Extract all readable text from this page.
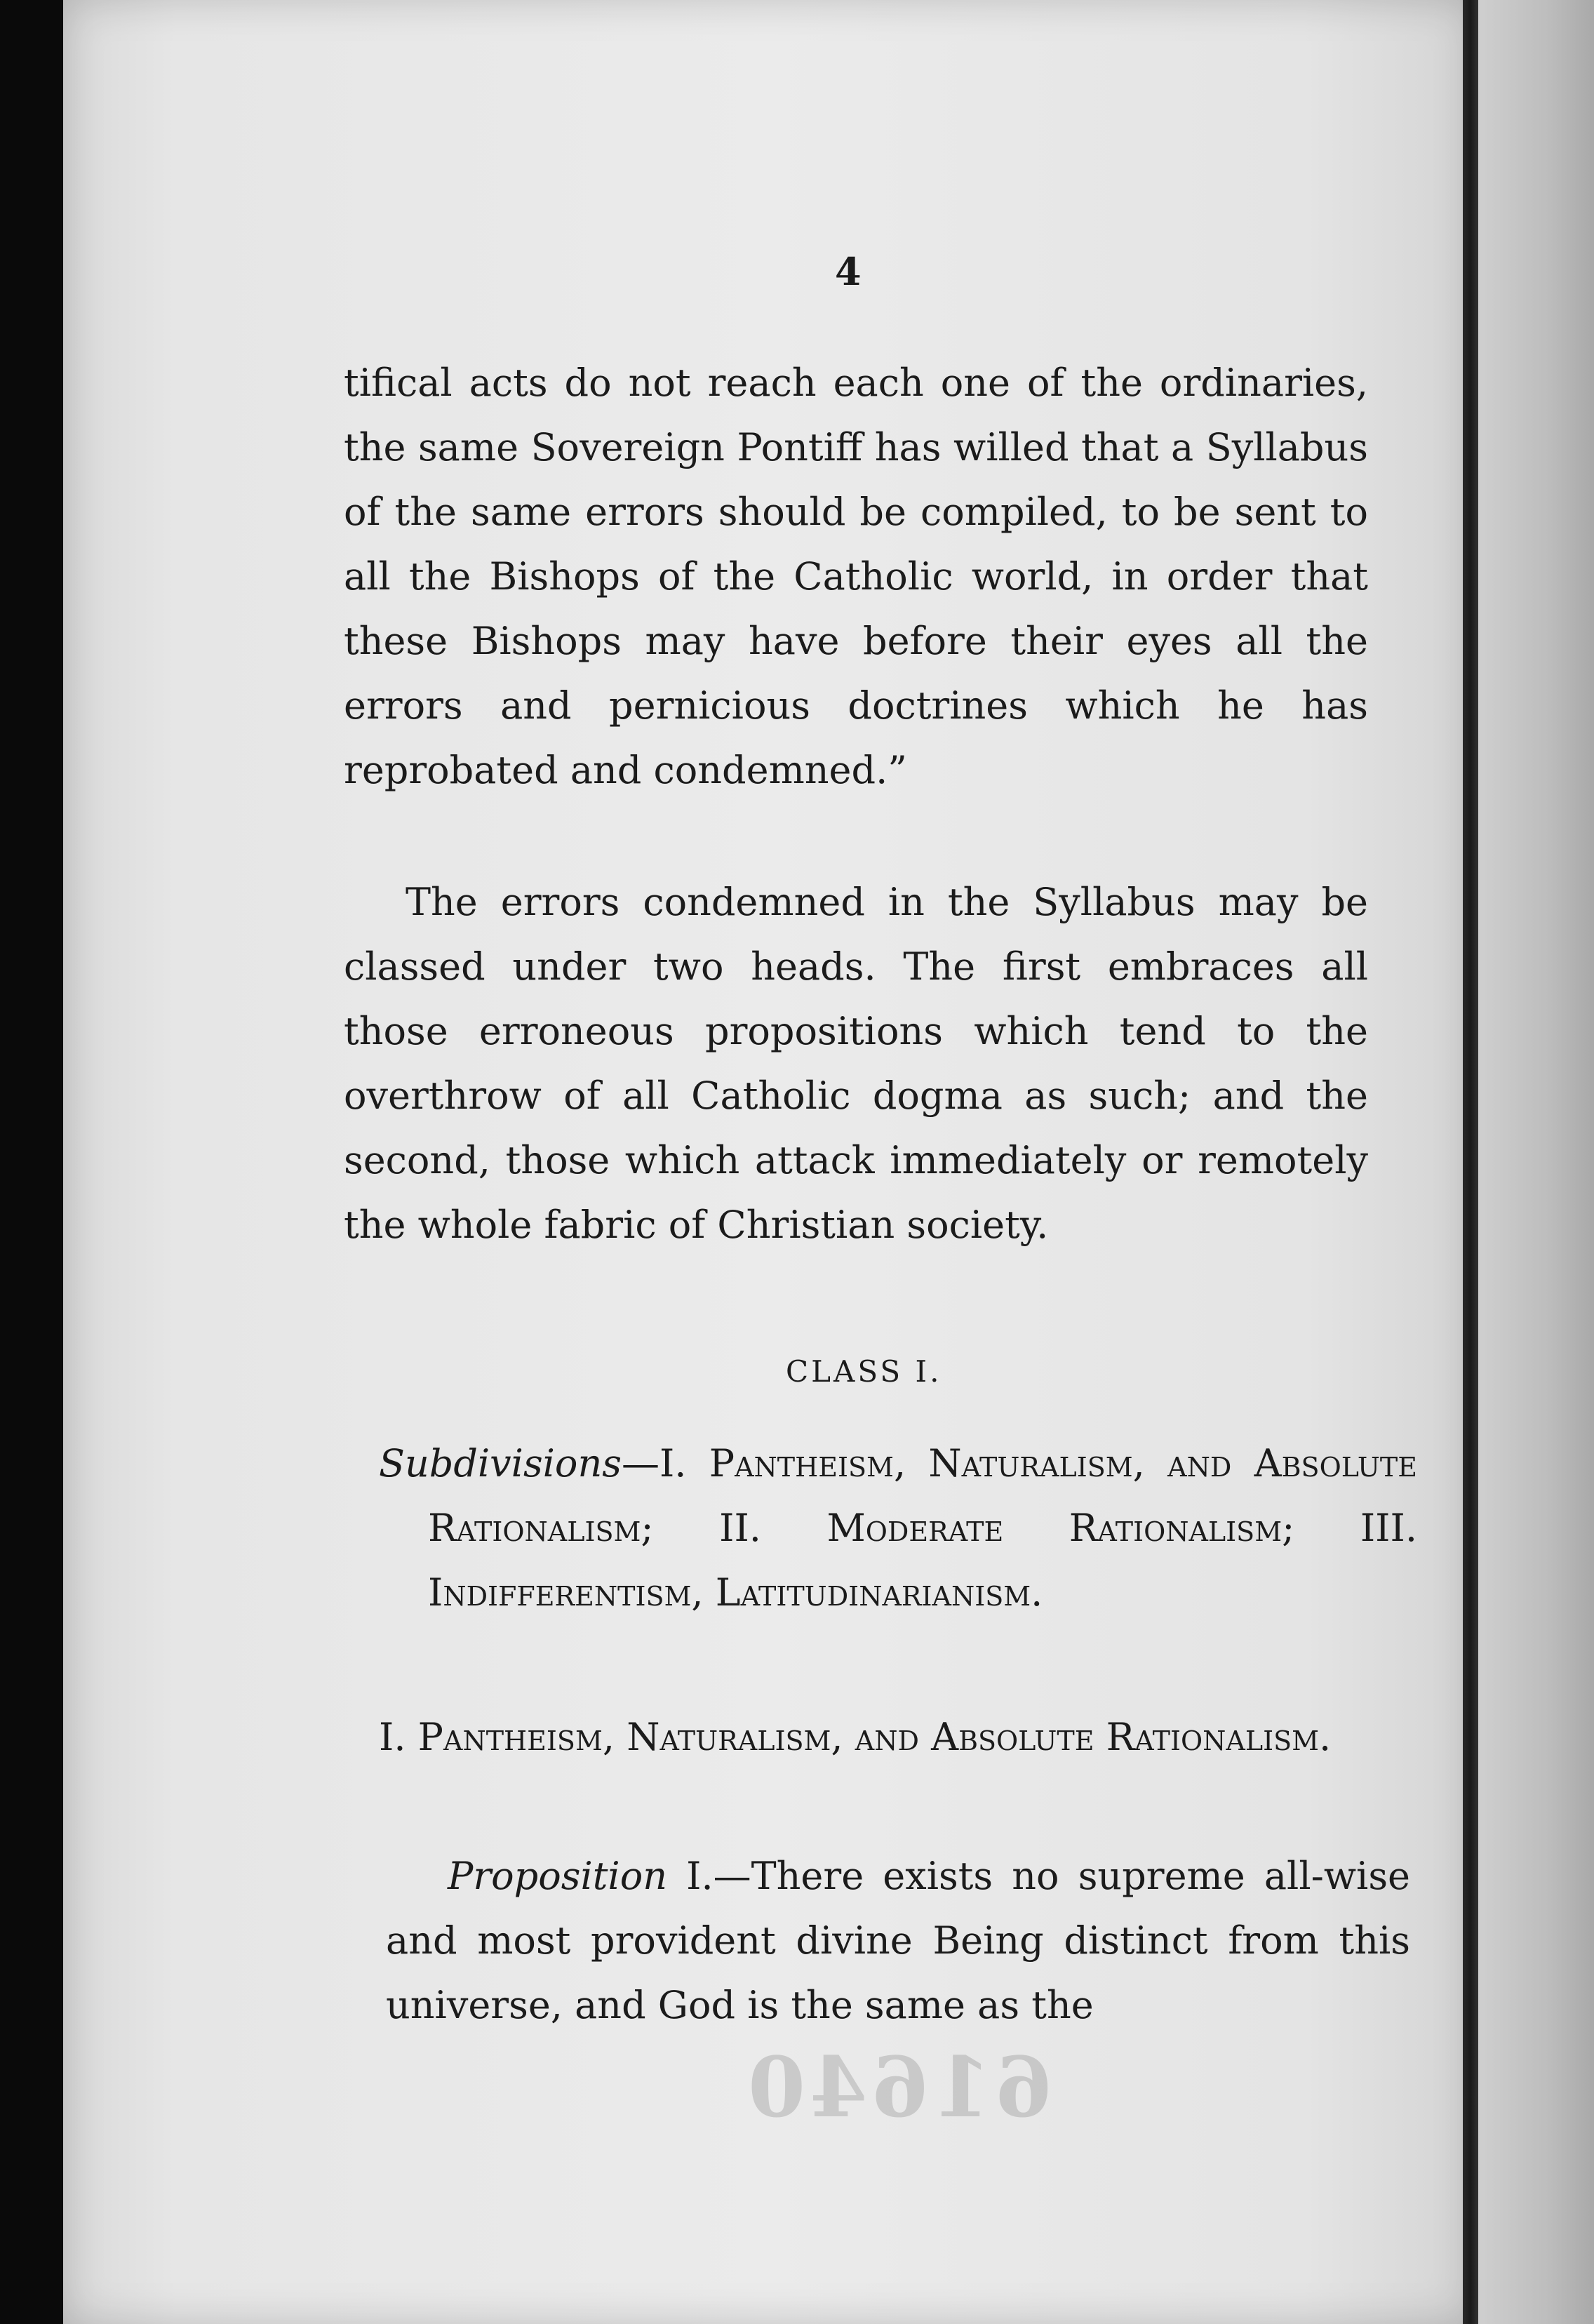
4

tifical acts do not reach each one of the ordinaries, the same Sovereign Pontiff has willed that a Syllabus of the same errors should be compiled, to be sent to all the Bishops of the Catholic world, in order that these Bishops may have before their eyes all the errors and pernicious doctrines which he has reprobated and condemned.”

The errors condemned in the Syllabus may be classed under two heads. The first embraces all those erroneous propositions which tend to the overthrow of all Catholic dogma as such; and the second, those which attack immediately or remotely the whole fabric of Christian society.

CLASS I.

Subdivisions—I. Pantheism, Naturalism, and Absolute Rationalism; II. Moderate Rationalism; III. Indifferentism, Latitudinarianism.

I. Pantheism, Naturalism, and Absolute Rationalism.

Proposition I.—There exists no supreme all-wise and most provident divine Being distinct from this universe, and God is the same as the

61640
